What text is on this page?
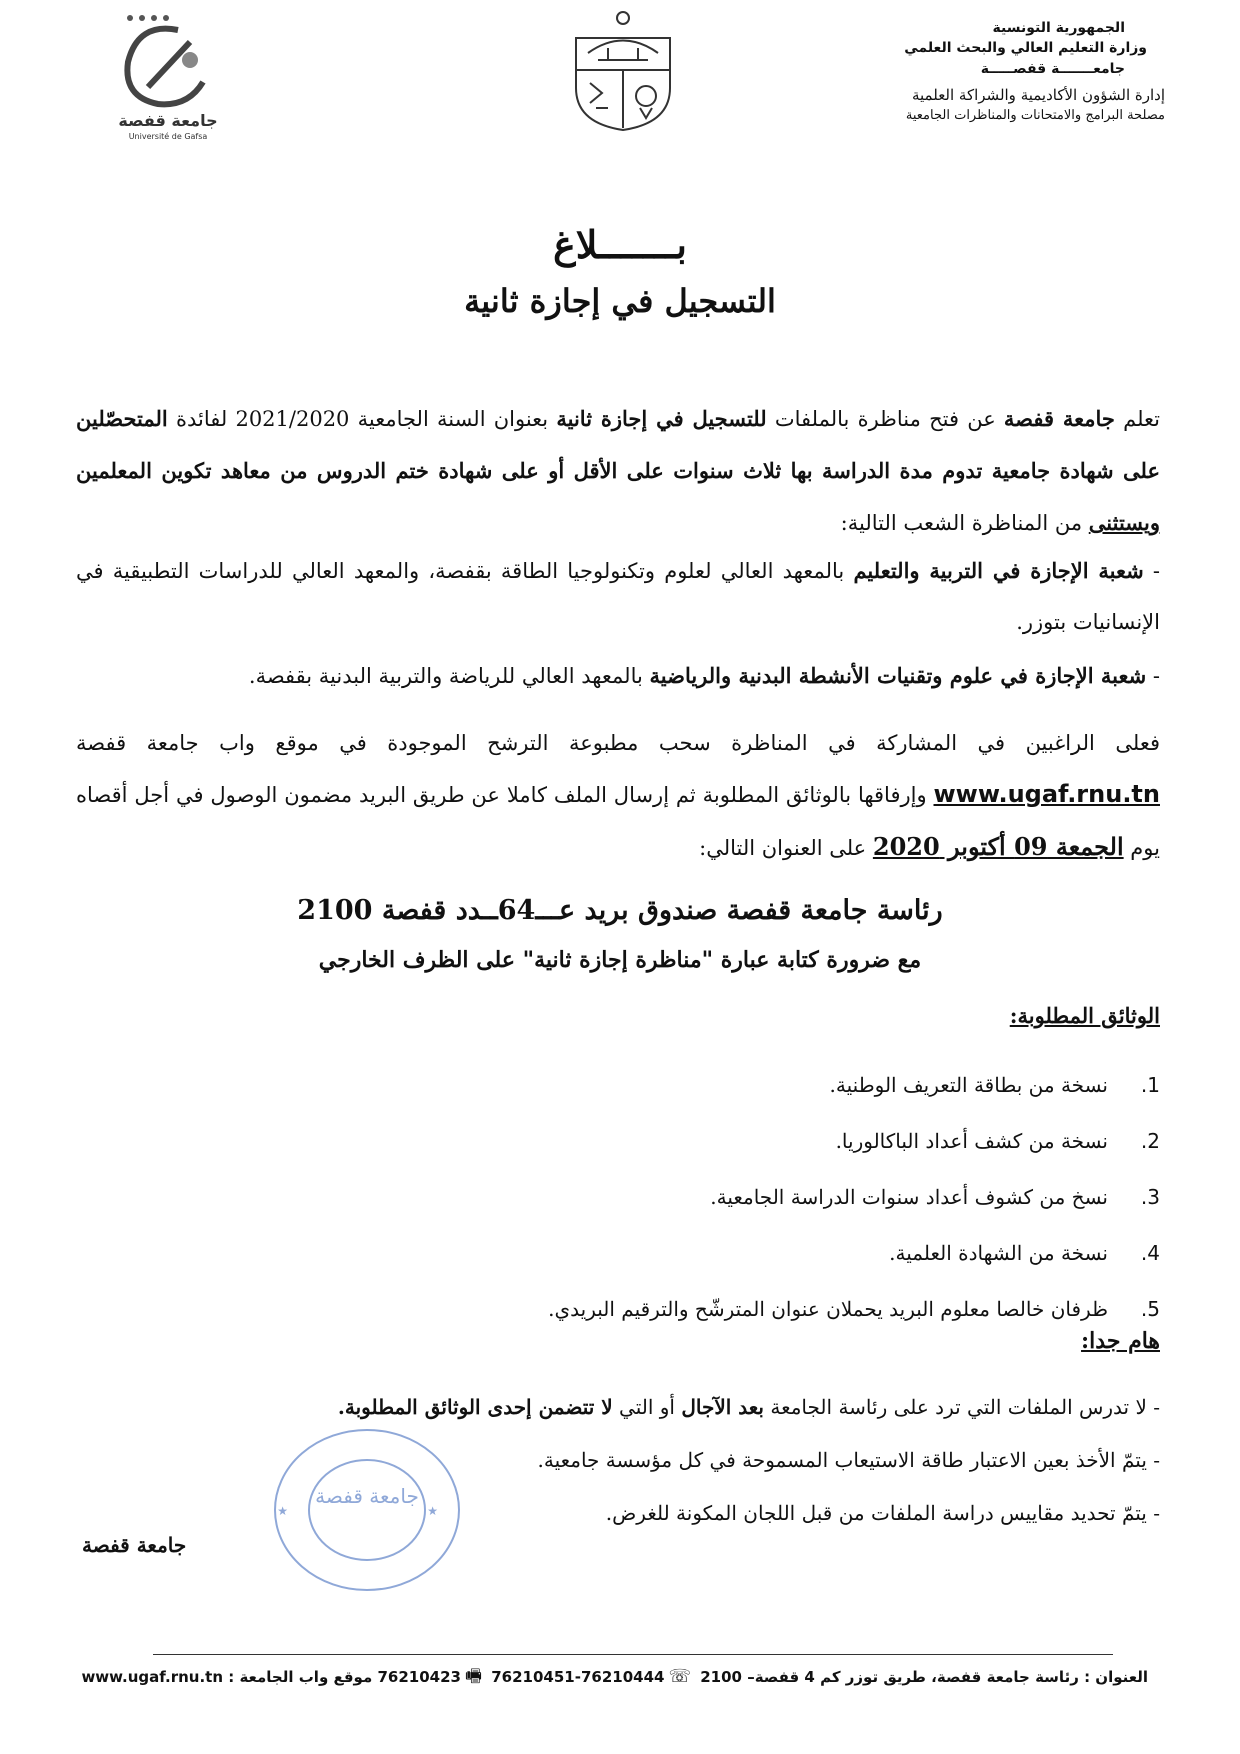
الجمهورية التونسية
وزارة التعليم العالي والبحث العلمي
جامعـــــــة قفصـــــة
إدارة الشؤون الأكاديمية والشراكة العلمية
مصلحة البرامج والامتحانات والمناظرات الجامعية
جامعة قفصة
Université de Gafsa
بـــــــلاغ
التسجيل في إجازة ثانية

تعلم جامعة قفصة عن فتح مناظرة بالملفات للتسجيل في إجازة ثانية بعنوان السنة الجامعية 2021/2020 لفائدة المتحصّلين على شهادة جامعية تدوم مدة الدراسة بها ثلاث سنوات على الأقل أو على شهادة ختم الدروس من معاهد تكوين المعلمين ويستثنى من المناظرة الشعب التالية:

- شعبة الإجازة في التربية والتعليم بالمعهد العالي لعلوم وتكنولوجيا الطاقة بقفصة، والمعهد العالي للدراسات التطبيقية في الإنسانيات بتوزر.

- شعبة الإجازة في علوم وتقنيات الأنشطة البدنية والرياضية بالمعهد العالي للرياضة والتربية البدنية بقفصة.

فعلى الراغبين في المشاركة في المناظرة سحب مطبوعة الترشح الموجودة في موقع واب جامعة قفصة www.ugaf.rnu.tn وإرفاقها بالوثائق المطلوبة ثم إرسال الملف كاملا عن طريق البريد مضمون الوصول في أجل أقصاه يوم الجمعة 09 أكتوبر 2020 على العنوان التالي:

رئاسة جامعة قفصة صندوق بريد عـــ64ــدد قفصة 2100
مع ضرورة كتابة عبارة "مناظرة إجازة ثانية" على الظرف الخارجي
الوثائق المطلوبة:
1.
نسخة من بطاقة التعريف الوطنية.
2.
نسخة من كشف أعداد الباكالوريا.
3.
نسخ من كشوف أعداد سنوات الدراسة الجامعية.
4.
نسخة من الشهادة العلمية.
5.
ظرفان خالصا معلوم البريد يحملان عنوان المترشّح والترقيم البريدي.
هام جدا:
- لا تدرس الملفات التي ترد على رئاسة الجامعة بعد الآجال أو التي لا تتضمن إحدى الوثائق المطلوبة.
- يتمّ الأخذ بعين الاعتبار طاقة الاستيعاب المسموحة في كل مؤسسة جامعية.
- يتمّ تحديد مقاييس دراسة الملفات من قبل اللجان المكونة للغرض.
جامعة قفصة
★	★
جامعة قفصة
العنوان : رئاسة جامعة قفصة، طريق توزر كم 4 قفصة– 2100 ☏76210444-76210451 🖷76210423 موقع واب الجامعة : www.ugaf.rnu.tn
